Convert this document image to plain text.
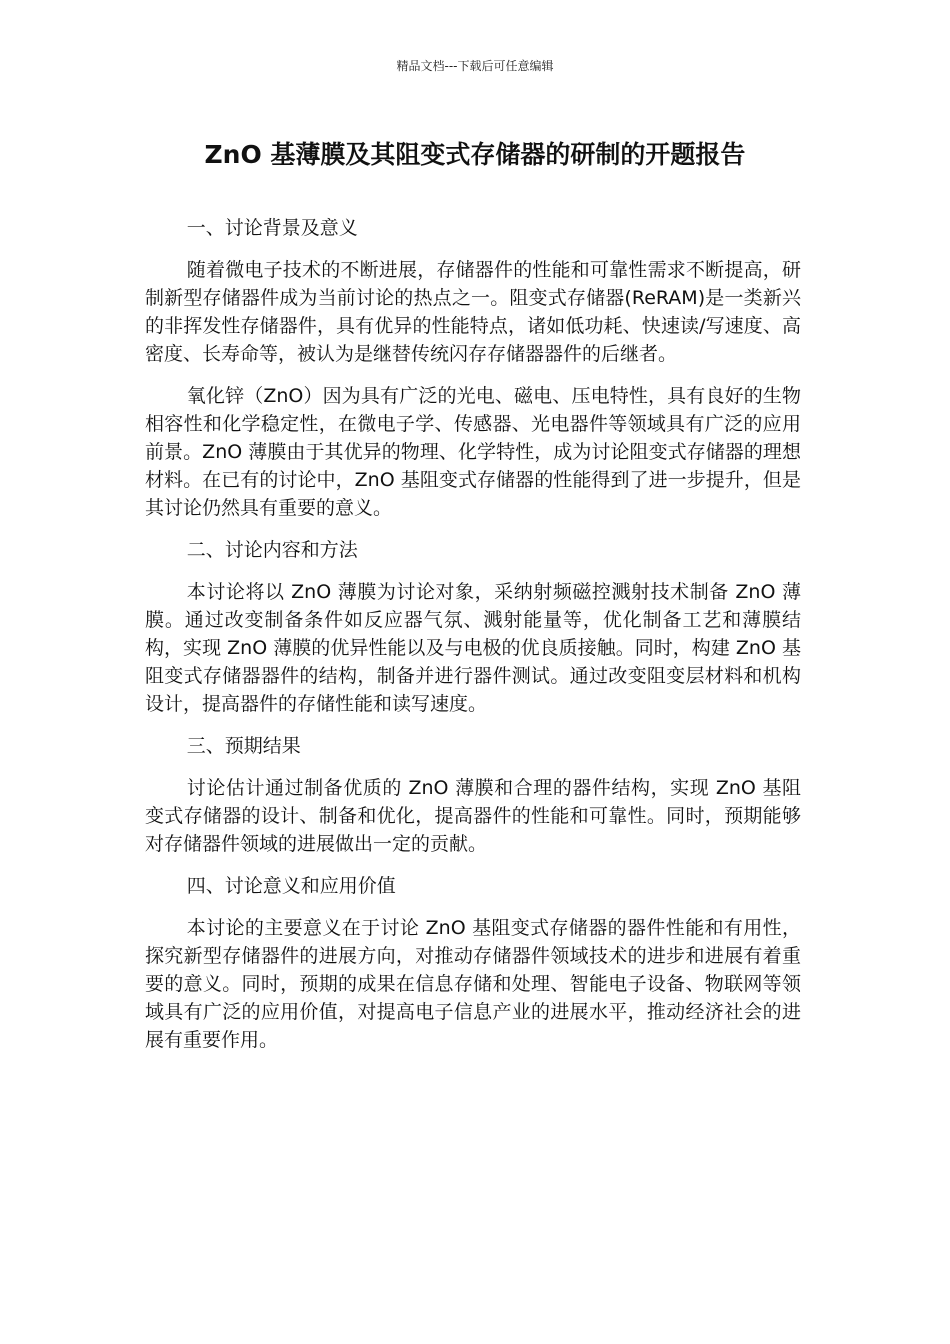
精品文档---下载后可任意编辑
ZnO 基薄膜及其阻变式存储器的研制的开题报告
一、讨论背景及意义

随着微电子技术的不断进展，存储器件的性能和可靠性需求不断提高，研制新型存储器件成为当前讨论的热点之一。阻变式存储器(ReRAM)是一类新兴的非挥发性存储器件，具有优异的性能特点，诸如低功耗、快速读/写速度、高密度、长寿命等，被认为是继替传统闪存存储器器件的后继者。

氧化锌（ZnO）因为具有广泛的光电、磁电、压电特性，具有良好的生物相容性和化学稳定性，在微电子学、传感器、光电器件等领域具有广泛的应用前景。ZnO 薄膜由于其优异的物理、化学特性，成为讨论阻变式存储器的理想材料。在已有的讨论中，ZnO 基阻变式存储器的性能得到了进一步提升，但是其讨论仍然具有重要的意义。

二、讨论内容和方法

本讨论将以 ZnO 薄膜为讨论对象，采纳射频磁控溅射技术制备 ZnO 薄膜。通过改变制备条件如反应器气氛、溅射能量等，优化制备工艺和薄膜结构，实现 ZnO 薄膜的优异性能以及与电极的优良质接触。同时，构建 ZnO 基阻变式存储器器件的结构，制备并进行器件测试。通过改变阻变层材料和机构设计，提高器件的存储性能和读写速度。

三、预期结果

讨论估计通过制备优质的 ZnO 薄膜和合理的器件结构，实现 ZnO 基阻变式存储器的设计、制备和优化，提高器件的性能和可靠性。同时，预期能够对存储器件领域的进展做出一定的贡献。

四、讨论意义和应用价值

本讨论的主要意义在于讨论 ZnO 基阻变式存储器的器件性能和有用性，探究新型存储器件的进展方向，对推动存储器件领域技术的进步和进展有着重要的意义。同时，预期的成果在信息存储和处理、智能电子设备、物联网等领域具有广泛的应用价值，对提高电子信息产业的进展水平，推动经济社会的进展有重要作用。
